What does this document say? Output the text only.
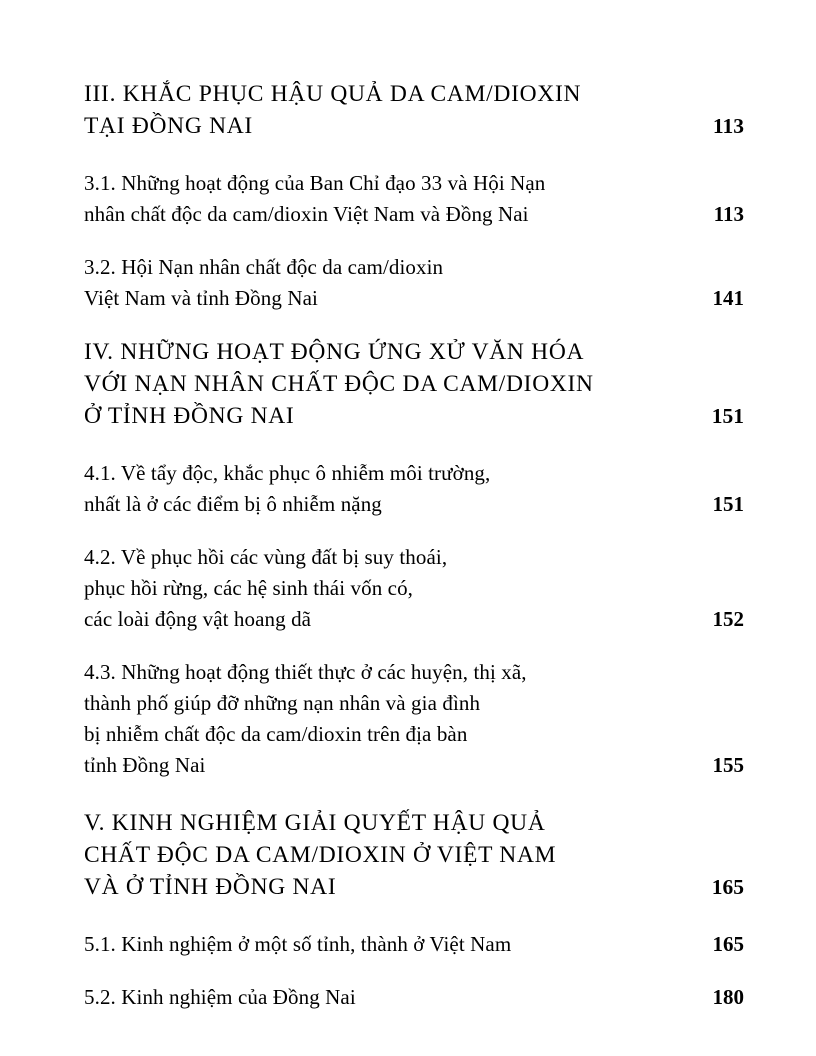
III. KHẮC PHỤC HẬU QUẢ DA CAM/DIOXIN
TẠI ĐỒNG NAI	113
3.1. Những hoạt động của Ban Chỉ đạo 33 và Hội Nạn
nhân chất độc da cam/dioxin Việt Nam và Đồng Nai	113
3.2. Hội Nạn nhân chất độc da cam/dioxin
Việt Nam và tỉnh Đồng Nai	141
IV. NHỮNG HOẠT ĐỘNG ỨNG XỬ VĂN HÓA
VỚI NẠN NHÂN CHẤT ĐỘC DA CAM/DIOXIN
Ở TỈNH ĐỒNG NAI	151
4.1. Về tẩy độc, khắc phục ô nhiễm môi trường,
nhất là ở các điểm bị ô nhiễm nặng	151
4.2. Về phục hồi các vùng đất bị suy thoái,
phục hồi rừng, các hệ sinh thái vốn có,
các loài động vật hoang dã	152
4.3. Những hoạt động thiết thực ở các huyện, thị xã,
thành phố giúp đỡ những nạn nhân và gia đình
bị nhiễm chất độc da cam/dioxin trên địa bàn
tỉnh Đồng Nai	155
V. KINH NGHIỆM GIẢI QUYẾT HẬU QUẢ
CHẤT ĐỘC DA CAM/DIOXIN Ở VIỆT NAM
VÀ Ở TỈNH ĐỒNG NAI	165
5.1. Kinh nghiệm ở một số tỉnh, thành ở Việt Nam	165
5.2. Kinh nghiệm của Đồng Nai	180
